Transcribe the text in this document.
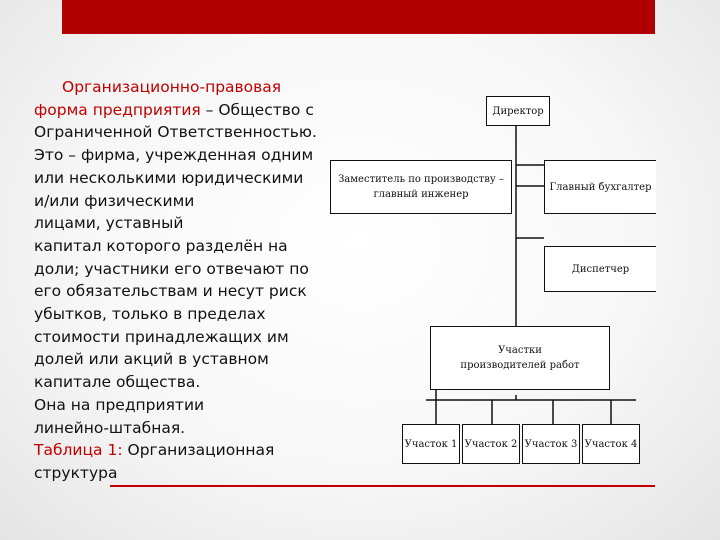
Организационно-правовая
форма предприятия – Общество с
Ограниченной Ответственностью.
Это – фирма, учрежденная одним
или несколькими юридическими
и/или физическими
лицами, уставный
капитал которого разделён на
доли; участники его отвечают по
его обязательствам и несут риск
убытков, только в пределах
стоимости принадлежащих им
долей или акций в уставном
капитале общества.
Она на предприятии
линейно-штабная.
Таблица 1: Организационная
структура
Директор
Заместитель по производству –
главный инженер
Главный бухгалтер
Диспетчер
Участки
производителей работ
Участок 1 Участок 2 Участок 3 Участок 4
